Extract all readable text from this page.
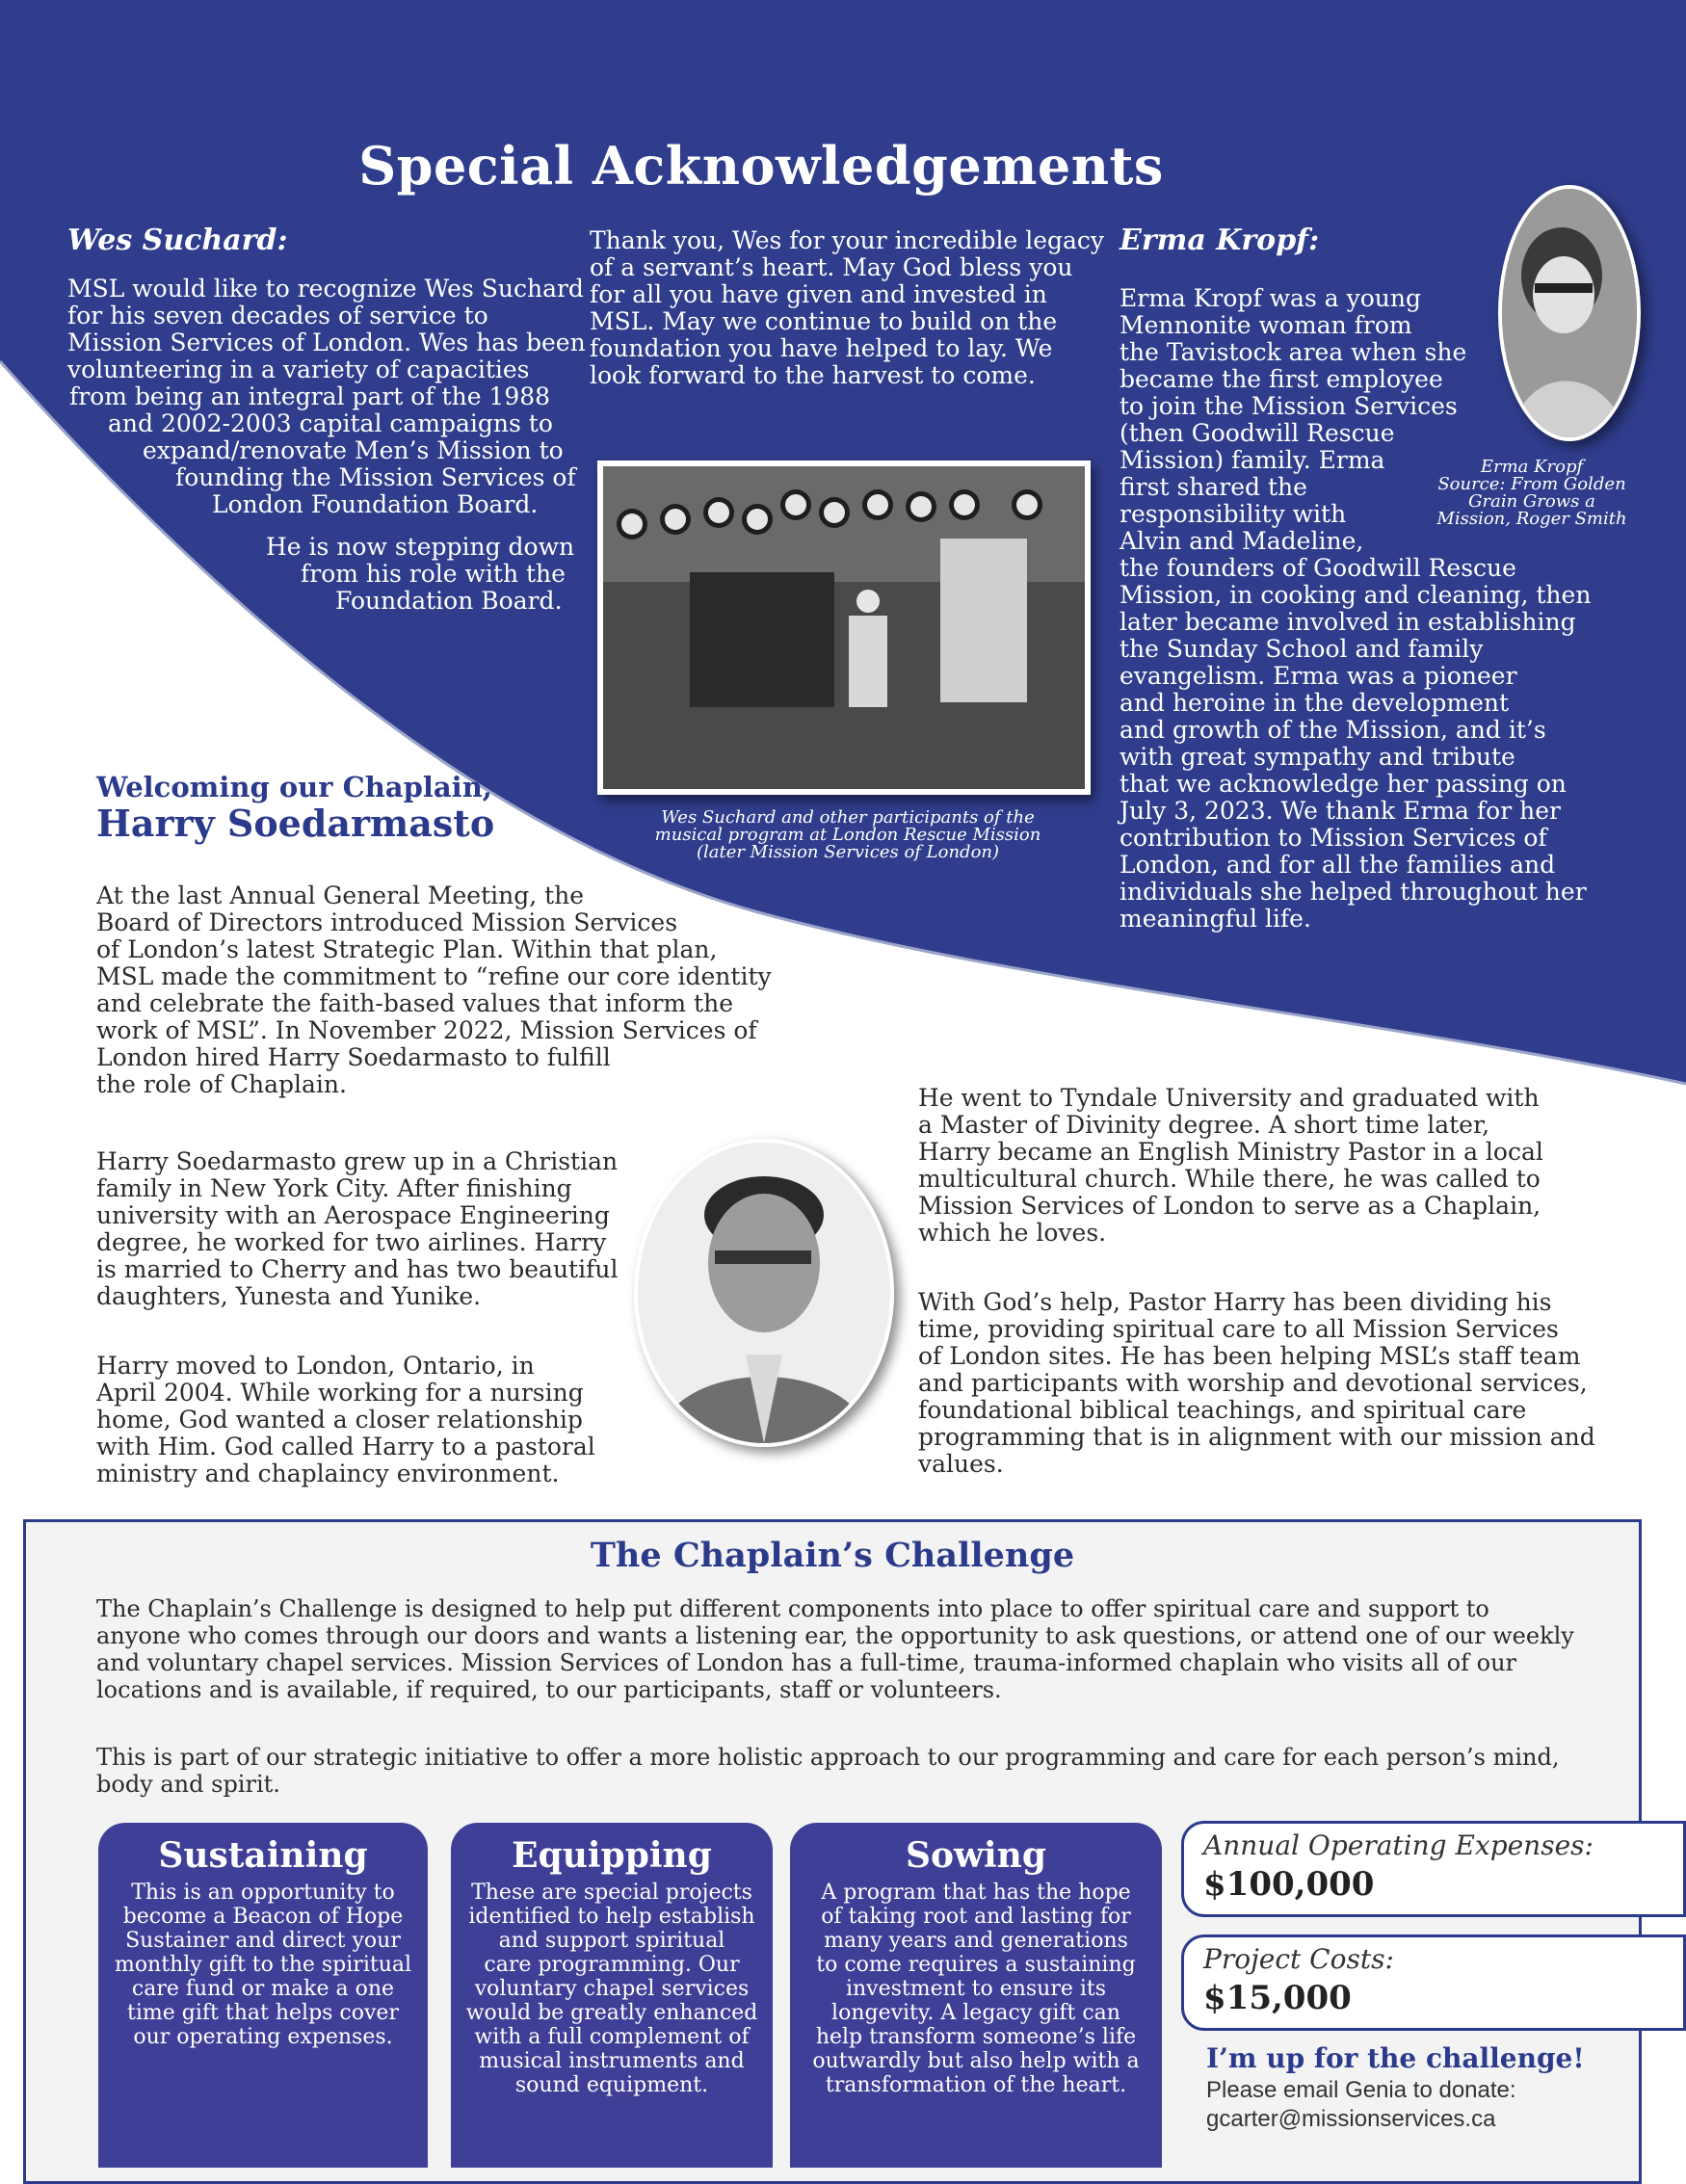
Special Acknowledgements
Wes Suchard:
MSL would like to recognize Wes Suchard
for his seven decades of service to
Mission Services of London. Wes has been
volunteering in a variety of capacities
from being an integral part of the 1988
and 2002-2003 capital campaigns to
expand/renovate Men’s Mission to
founding the Mission Services of
London Foundation Board.
He is now stepping down
from his role with the
Foundation Board.
Thank you, Wes for your incredible legacy
of a servant’s heart. May God bless you
for all you have given and invested in
MSL. May we continue to build on the
foundation you have helped to lay. We
look forward to the harvest to come.
Wes Suchard and other participants of the
musical program at London Rescue Mission
(later Mission Services of London)
Erma Kropf:
Erma Kropf
Source: From Golden
Grain Grows a
Mission, Roger Smith
Erma Kropf was a young
Mennonite woman from
the Tavistock area when she
became the first employee
to join the Mission Services
(then Goodwill Rescue
Mission) family. Erma
first shared the
responsibility with
Alvin and Madeline,
the founders of Goodwill Rescue
Mission, in cooking and cleaning, then
later became involved in establishing
the Sunday School and family
evangelism. Erma was a pioneer
and heroine in the development
and growth of the Mission, and it’s
with great sympathy and tribute
that we acknowledge her passing on
July 3, 2023. We thank Erma for her
contribution to Mission Services of
London, and for all the families and
individuals she helped throughout her
meaningful life.
Welcoming our Chaplain,
Harry Soedarmasto
At the last Annual General Meeting, the
Board of Directors introduced Mission Services
of London’s latest Strategic Plan. Within that plan,
MSL made the commitment to “refine our core identity
and celebrate the faith-based values that inform the
work of MSL”. In November 2022, Mission Services of
London hired Harry Soedarmasto to fulfill
the role of Chaplain.
Harry Soedarmasto grew up in a Christian
family in New York City. After finishing
university with an Aerospace Engineering
degree, he worked for two airlines. Harry
is married to Cherry and has two beautiful
daughters, Yunesta and Yunike.
Harry moved to London, Ontario, in
April 2004. While working for a nursing
home, God wanted a closer relationship
with Him. God called Harry to a pastoral
ministry and chaplaincy environment.
He went to Tyndale University and graduated with
a Master of Divinity degree. A short time later,
Harry became an English Ministry Pastor in a local
multicultural church. While there, he was called to
Mission Services of London to serve as a Chaplain,
which he loves.
With God’s help, Pastor Harry has been dividing his
time, providing spiritual care to all Mission Services
of London sites. He has been helping MSL’s staff team
and participants with worship and devotional services,
foundational biblical teachings, and spiritual care
programming that is in alignment with our mission and
values.
The Chaplain’s Challenge
The Chaplain’s Challenge is designed to help put different components into place to offer spiritual care and support to
anyone who comes through our doors and wants a listening ear, the opportunity to ask questions, or attend one of our weekly
and voluntary chapel services. Mission Services of London has a full-time, trauma-informed chaplain who visits all of our
locations and is available, if required, to our participants, staff or volunteers.
This is part of our strategic initiative to offer a more holistic approach to our programming and care for each person’s mind,
body and spirit.
Sustaining
This is an opportunity to
become a Beacon of Hope
Sustainer and direct your
monthly gift to the spiritual
care fund or make a one
time gift that helps cover
our operating expenses.
Equipping
These are special projects
identified to help establish
and support spiritual
care programming. Our
voluntary chapel services
would be greatly enhanced
with a full complement of
musical instruments and
sound equipment.
Sowing
A program that has the hope
of taking root and lasting for
many years and generations
to come requires a sustaining
investment to ensure its
longevity. A legacy gift can
help transform someone’s life
outwardly but also help with a
transformation of the heart.
Annual Operating Expenses:
$100,000
Project Costs:
$15,000
I’m up for the challenge!
Please email Genia to donate:
gcarter@missionservices.ca
